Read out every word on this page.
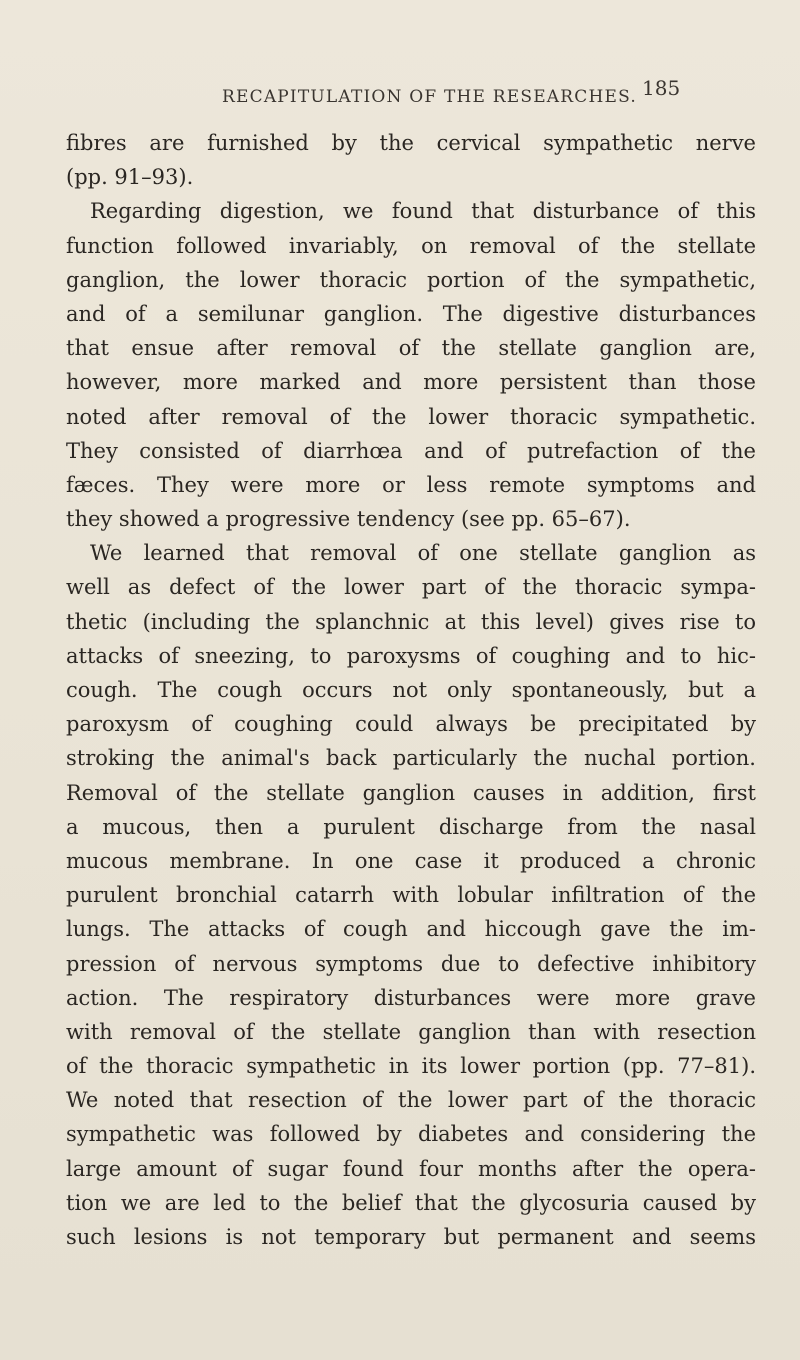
RECAPITULATION OF THE RESEARCHES. 185
fibres are furnished by the cervical sympathetic nerve
(pp. 91–93).
Regarding digestion, we found that disturbance of this
function followed invariably, on removal of the stellate
ganglion, the lower thoracic portion of the sympathetic,
and of a semilunar ganglion. The digestive disturbances
that ensue after removal of the stellate ganglion are,
however, more marked and more persistent than those
noted after removal of the lower thoracic sympathetic.
They consisted of diarrhœa and of putrefaction of the
fæces. They were more or less remote symptoms and
they showed a progressive tendency (see pp. 65–67).
We learned that removal of one stellate ganglion as
well as defect of the lower part of the thoracic sympa-
thetic (including the splanchnic at this level) gives rise to
attacks of sneezing, to paroxysms of coughing and to hic-
cough. The cough occurs not only spontaneously, but a
paroxysm of coughing could always be precipitated by
stroking the animal's back particularly the nuchal portion.
Removal of the stellate ganglion causes in addition, first
a mucous, then a purulent discharge from the nasal
mucous membrane. In one case it produced a chronic
purulent bronchial catarrh with lobular infiltration of the
lungs. The attacks of cough and hiccough gave the im-
pression of nervous symptoms due to defective inhibitory
action. The respiratory disturbances were more grave
with removal of the stellate ganglion than with resection
of the thoracic sympathetic in its lower portion (pp. 77–81).
We noted that resection of the lower part of the thoracic
sympathetic was followed by diabetes and considering the
large amount of sugar found four months after the opera-
tion we are led to the belief that the glycosuria caused by
such lesions is not temporary but permanent and seems
